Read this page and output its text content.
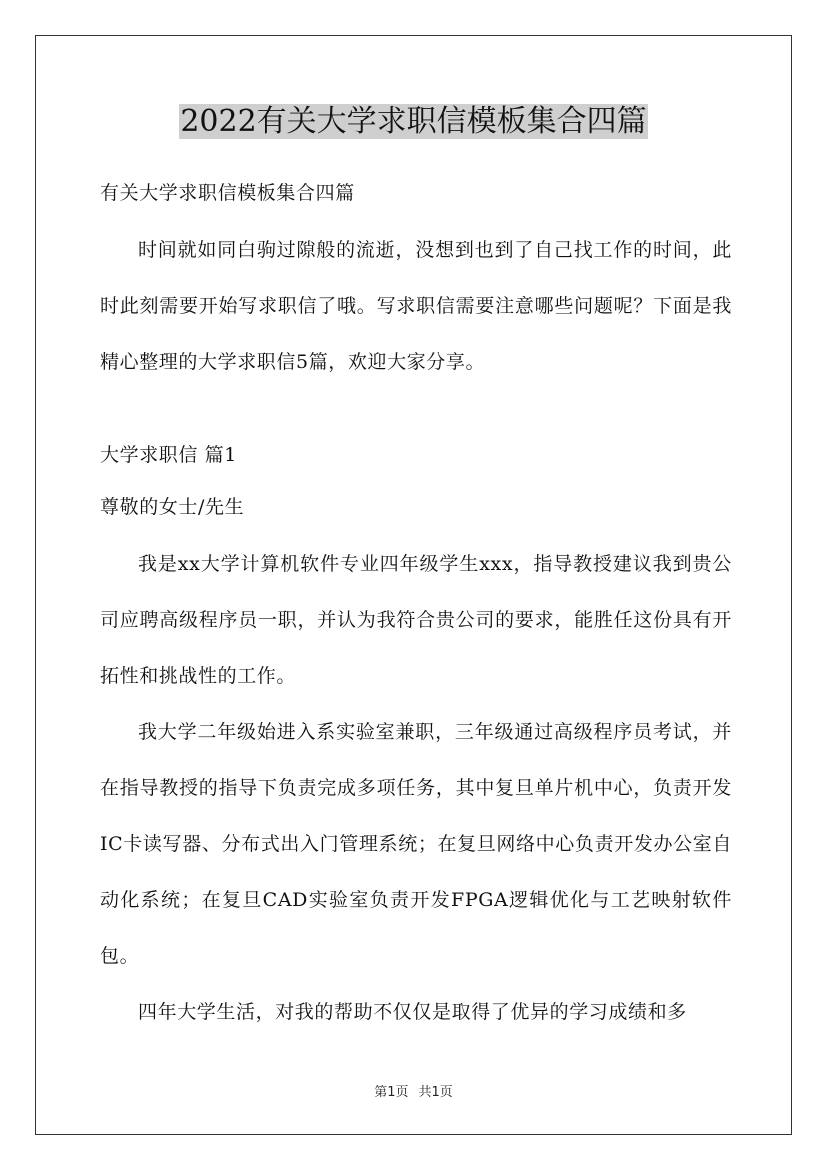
2022有关大学求职信模板集合四篇
有关大学求职信模板集合四篇

时间就如同白驹过隙般的流逝，没想到也到了自己找工作的时间，此时此刻需要开始写求职信了哦。写求职信需要注意哪些问题呢？下面是我精心整理的大学求职信5篇，欢迎大家分享。

大学求职信 篇1
尊敬的女士/先生

我是xx大学计算机软件专业四年级学生xxx，指导教授建议我到贵公司应聘高级程序员一职，并认为我符合贵公司的要求，能胜任这份具有开拓性和挑战性的工作。

我大学二年级始进入系实验室兼职，三年级通过高级程序员考试，并在指导教授的指导下负责完成多项任务，其中复旦单片机中心，负责开发IC卡读写器、分布式出入门管理系统；在复旦网络中心负责开发办公室自动化系统；在复旦CAD实验室负责开发FPGA逻辑优化与工艺映射软件包。

四年大学生活，对我的帮助不仅仅是取得了优异的学习成绩和多

第1页 共1页
